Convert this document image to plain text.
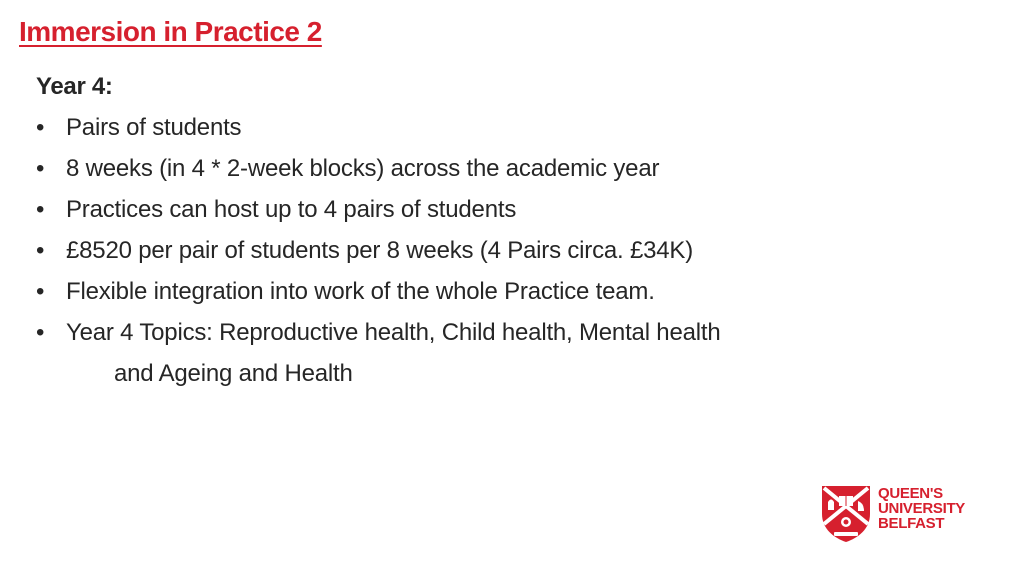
Immersion in Practice 2

Year 4:

• Pairs of students
• 8 weeks (in 4 * 2-week blocks) across the academic year
• Practices can host up to 4 pairs of students
• £8520 per pair of students per 8 weeks (4 Pairs circa. £34K)
• Flexible integration into work of the whole Practice team.
• Year 4 Topics: Reproductive health, Child health, Mental health
and Ageing and Health
QUEEN'S
UNIVERSITY
BELFAST
